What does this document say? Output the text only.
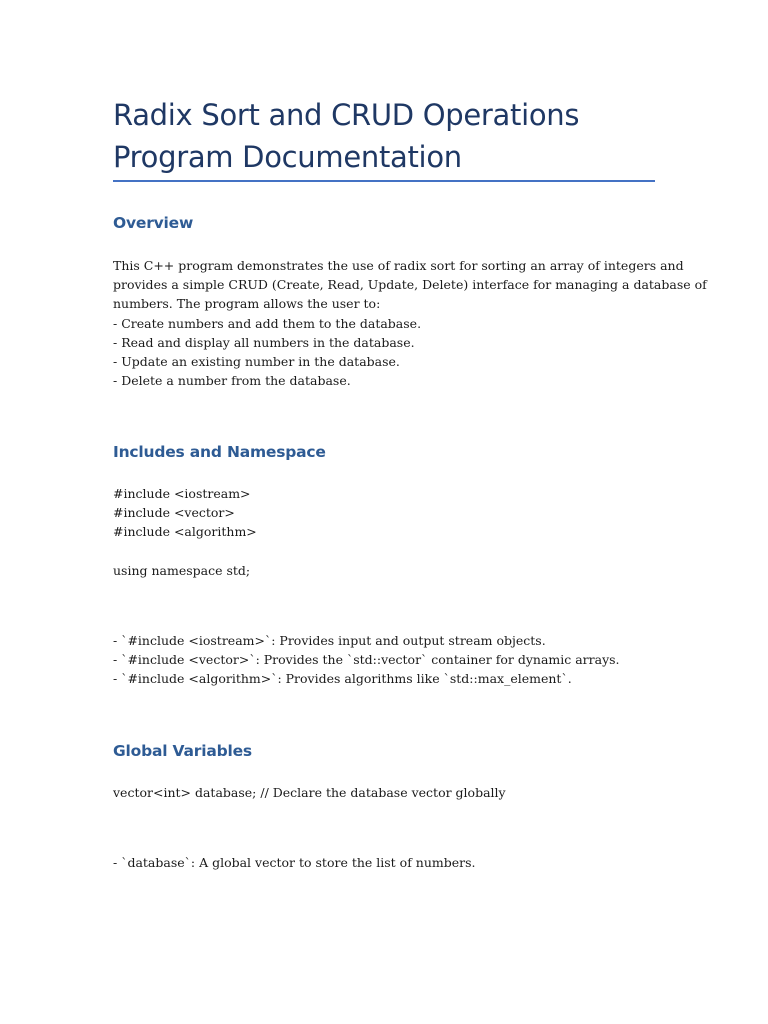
Radix Sort and CRUD Operations
Program Documentation
Overview
This C++ program demonstrates the use of radix sort for sorting an array of integers and
provides a simple CRUD (Create, Read, Update, Delete) interface for managing a database of
numbers. The program allows the user to:
- Create numbers and add them to the database.
- Read and display all numbers in the database.
- Update an existing number in the database.
- Delete a number from the database.
Includes and Namespace
#include <iostream>
#include <vector>
#include <algorithm>
using namespace std;
- `#include <iostream>`: Provides input and output stream objects.
- `#include <vector>`: Provides the `std::vector` container for dynamic arrays.
- `#include <algorithm>`: Provides algorithms like `std::max_element`.
Global Variables
vector<int> database; // Declare the database vector globally
- `database`: A global vector to store the list of numbers.
